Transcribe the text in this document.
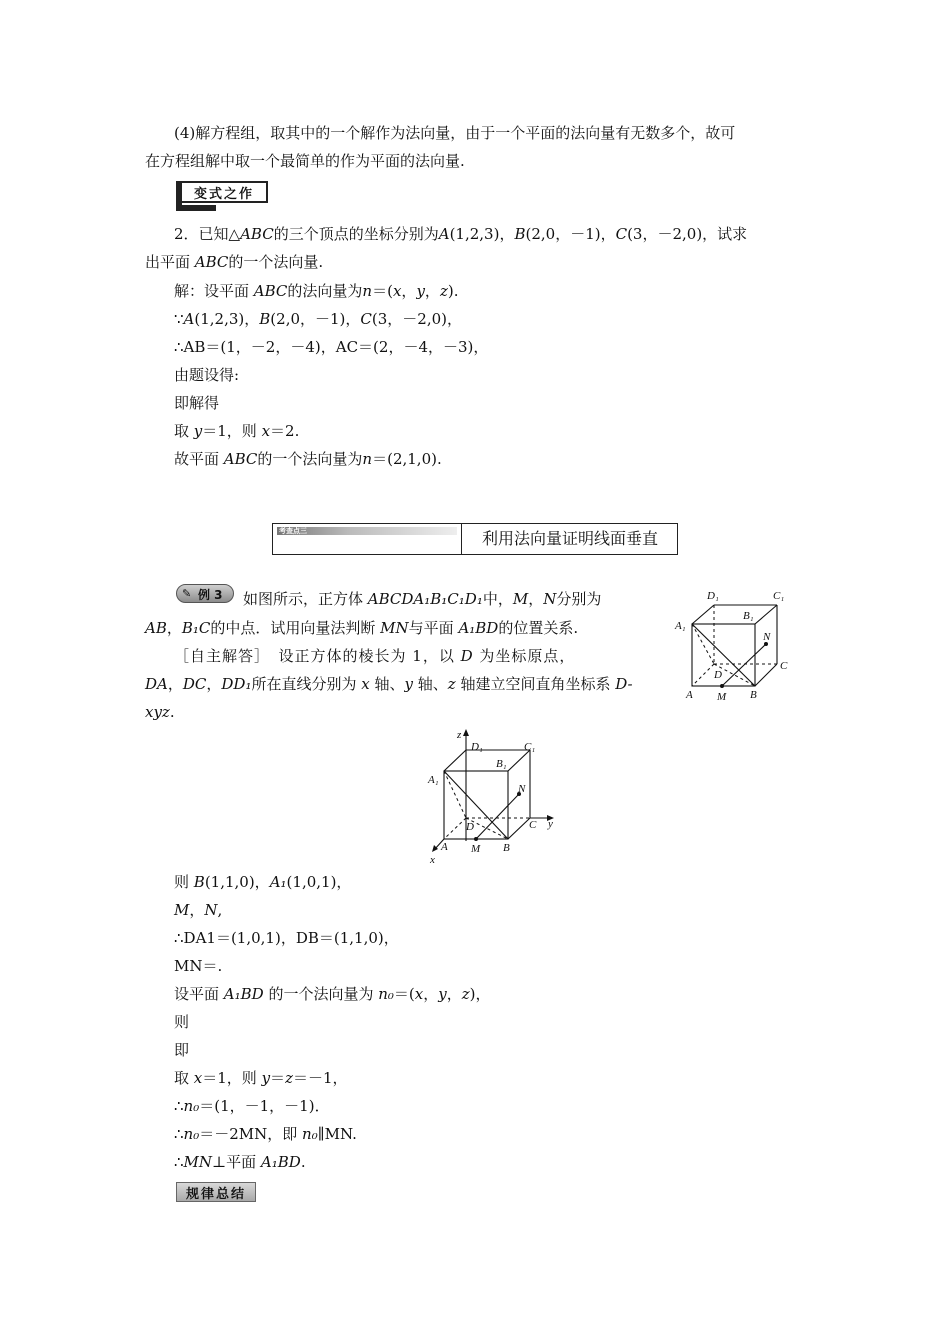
(4)解方程组，取其中的一个解作为法向量，由于一个平面的法向量有无数多个，故可
在方程组解中取一个最简单的作为平面的法向量.
变式之作
2．已知△ABC的三个顶点的坐标分别为A(1,2,3)，B(2,0，－1)，C(3，－2,0)，试求
出平面 ABC的一个法向量.
解：设平面 ABC的法向量为n＝(x，y，z).
∵A(1,2,3)，B(2,0，－1)，C(3，－2,0)，
∴AB＝(1，－2，－4)，AC＝(2，－4，－3)，
由题设得:
即解得
取 y＝1，则 x＝2.
故平面 ABC的一个法向量为n＝(2,1,0).
考查点三	利用法向量证明线面垂直
✎ 例 3 如图所示，正方体 ABCDA₁B₁C₁D₁中，M，N分别为
AB，B₁C的中点．试用向量法判断 MN与平面 A₁BD的位置关系.
［自主解答］　设正方体的棱长为 1，以 D 为坐标原点，
DA，DC，DD₁所在直线分别为 x 轴、y 轴、z 轴建立空间直角坐标系 D-
xyz.
D₁	C₁
B₁
A₁
N
D
C
A M B
z
D₁	C₁
B₁
A₁
N
D	C y
A M B
x
则 B(1,1,0)，A₁(1,0,1)，
M，N,
∴DA1＝(1,0,1)，DB＝(1,1,0)，
MN＝.
设平面 A₁BD 的一个法向量为 n₀＝(x，y，z)，
则
即
取 x＝1，则 y＝z＝－1，
∴n₀＝(1，－1，－1)．
∴n₀＝－2MN，即 n₀∥MN.
∴MN⊥平面 A₁BD.
规律总结
